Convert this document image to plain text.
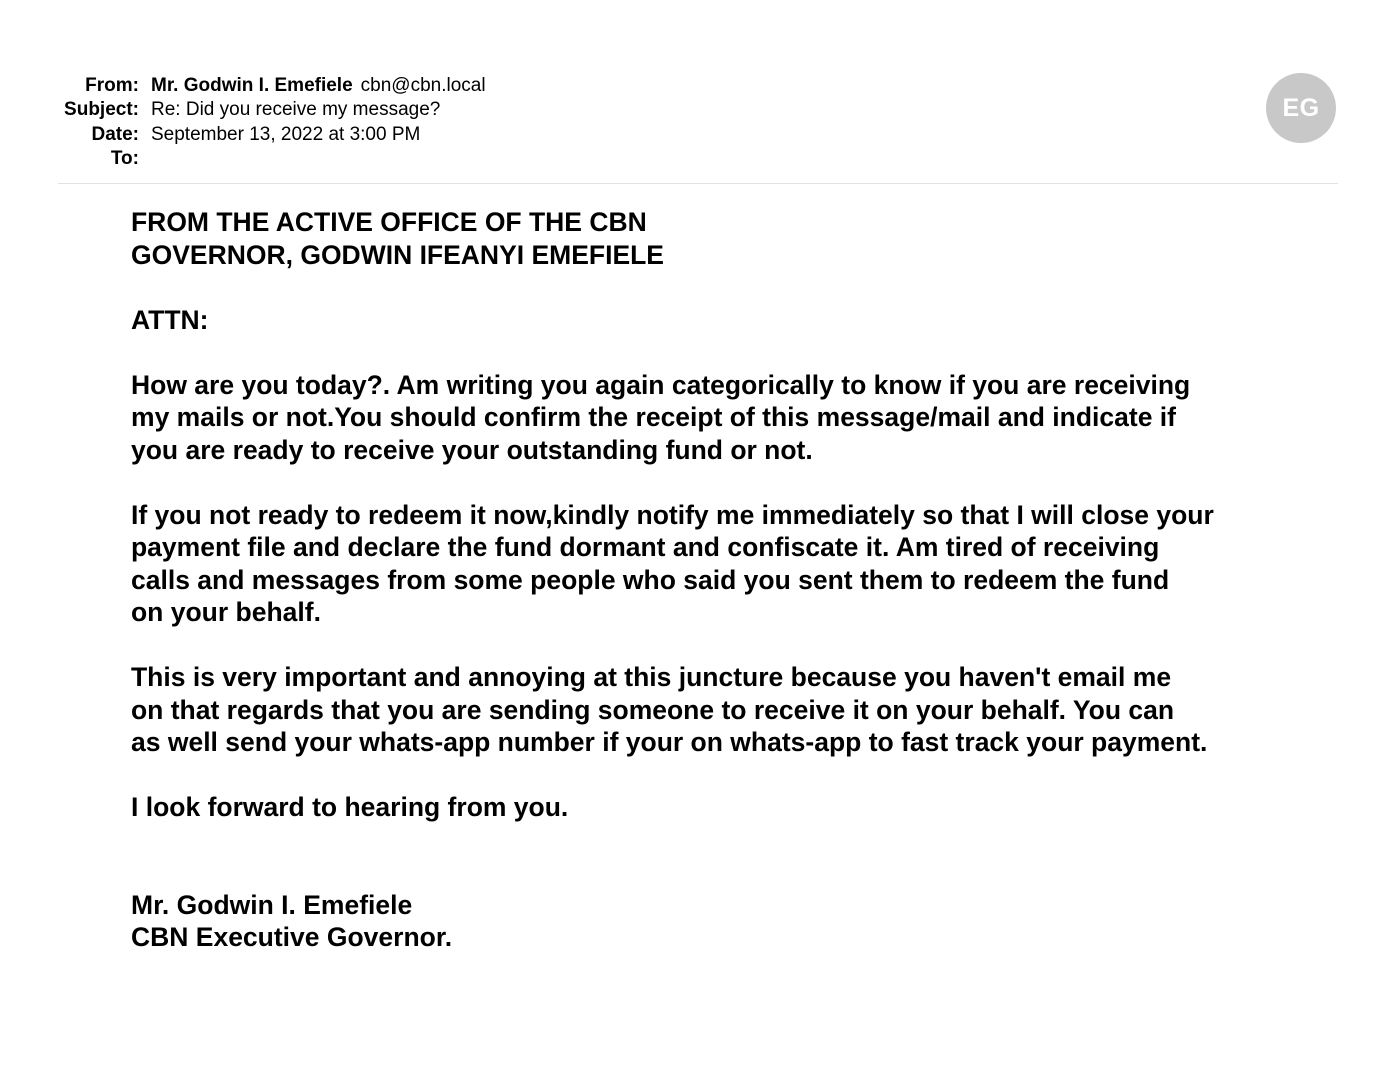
From: Mr. Godwin I. Emefiele cbn@cbn.local
Subject: Re: Did you receive my message?
Date: September 13, 2022 at 3:00 PM
To:
EG
FROM THE ACTIVE OFFICE OF THE CBN
GOVERNOR, GODWIN IFEANYI EMEFIELE
ATTN:
How are you today?. Am writing you again categorically to know if you are receiving
my mails or not.You should confirm the receipt of this message/mail and indicate if
you are ready to receive your outstanding fund or not.
If you not ready to redeem it now,kindly notify me immediately so that I will close your
payment file and declare the fund dormant and confiscate it. Am tired of receiving
calls and messages from some people who said you sent them to redeem the fund
on your behalf.
This is very important and annoying at this juncture because you haven't email me
on that regards that you are sending someone to receive it on your behalf. You can
as well send your whats-app number if your on whats-app to fast track your payment.
I look forward to hearing from you.
Mr. Godwin I. Emefiele
CBN Executive Governor.
